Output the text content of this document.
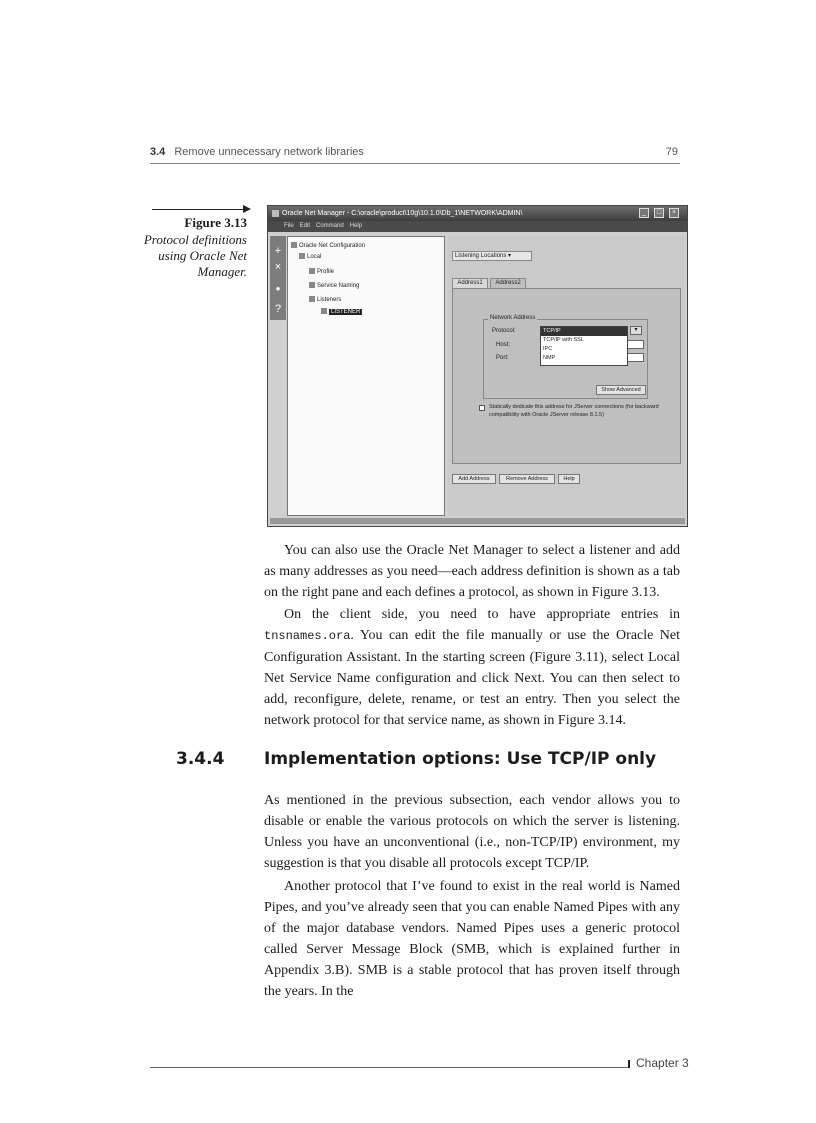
3.4 Remove unnecessary network libraries	79
Figure 3.13
Protocol definitions
using Oracle Net
Manager.
Oracle Net Manager - C:\oracle\product\10g\10.1.0\Db_1\NETWORK\ADMIN\	_	□	×
File Edit Command Help
+
×
●
?
Oracle Net Configuration
Local
Profile
Service Naming
Listeners
LISTENER
Listening Locations ▾
Address1	Address2
Network Address
Protocol:
Host:
Port:
TCP/IP
TCP/IP with SSL
IPC
NMP
▾
Show Advanced
Statically dedicate this address for JServer connections (for backward compatibility with Oracle JServer release 8.1.5)
Add Address	Remove Address	Help
You can also use the Oracle Net Manager to select a listener and add as many addresses as you need—each address definition is shown as a tab on the right pane and each defines a protocol, as shown in Figure 3.13.
On the client side, you need to have appropriate entries in tnsnames.ora. You can edit the file manually or use the Oracle Net Configuration Assistant. In the starting screen (Figure 3.11), select Local Net Service Name configuration and click Next. You can then select to add, reconfigure, delete, rename, or test an entry. Then you select the network protocol for that service name, as shown in Figure 3.14.
3.4.4	Implementation options: Use TCP/IP only
As mentioned in the previous subsection, each vendor allows you to disable or enable the various protocols on which the server is listening. Unless you have an unconventional (i.e., non-TCP/IP) environment, my suggestion is that you disable all protocols except TCP/IP.
Another protocol that I’ve found to exist in the real world is Named Pipes, and you’ve already seen that you can enable Named Pipes with any of the major database vendors. Named Pipes uses a generic protocol called Server Message Block (SMB, which is explained further in Appendix 3.B). SMB is a stable protocol that has proven itself through the years. In the
Chapter 3
